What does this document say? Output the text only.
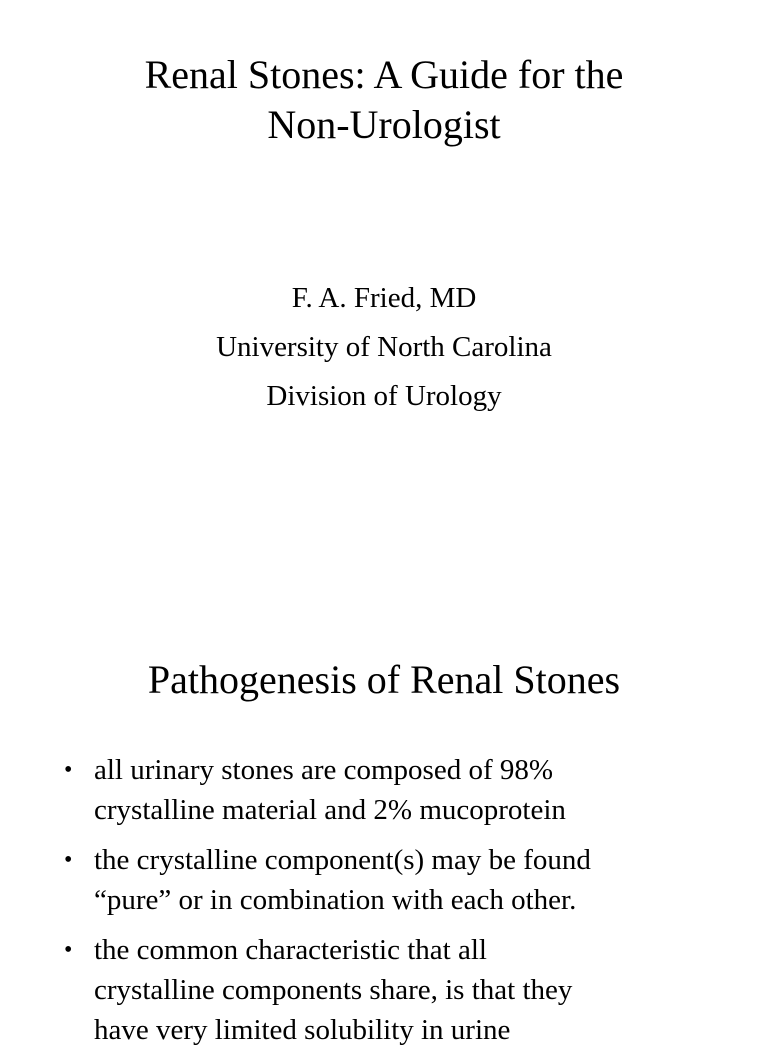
Renal Stones: A Guide for the
Non-Urologist
F. A. Fried, MD
University of North Carolina
Division of Urology
Pathogenesis of Renal Stones
• all urinary stones are composed of 98%
crystalline material and 2% mucoprotein
• the crystalline component(s) may be found
“pure” or in combination with each other.
• the common characteristic that all
crystalline components share, is that they
have very limited solubility in urine
